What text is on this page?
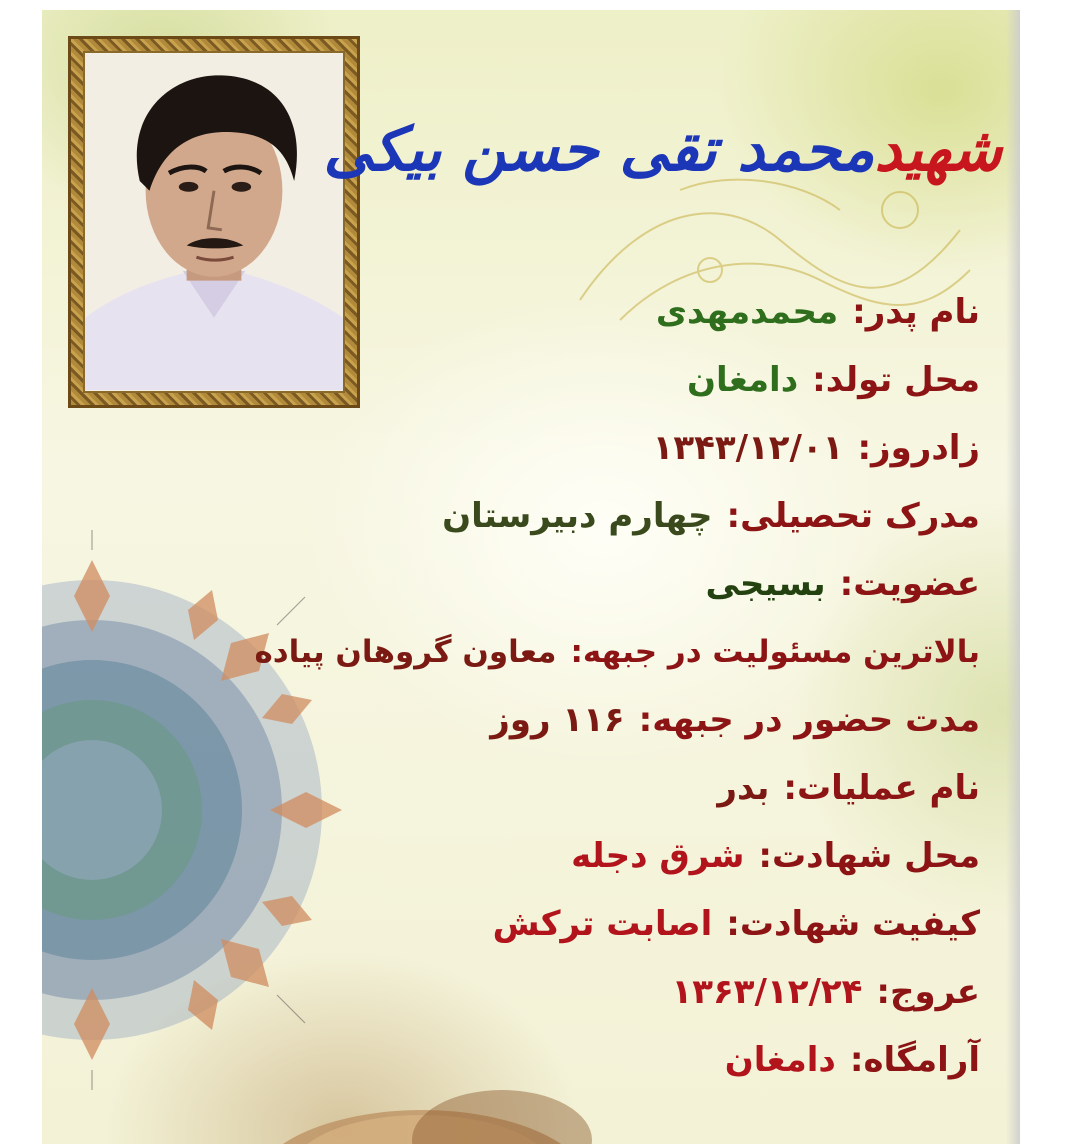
شهیدمحمد تقی حسن بیکی
نام پدر:محمدمهدی
محل تولد:دامغان
زادروز:۱۳۴۳/۱۲/۰۱
مدرک تحصیلی:چهارم دبیرستان
عضویت:بسیجی
بالاترین مسئولیت در جبهه:معاون گروهان پیاده
مدت حضور در جبهه:۱۱۶ روز
نام عملیات:بدر
محل شهادت:شرق دجله
کیفیت شهادت:اصابت ترکش
عروج:۱۳۶۳/۱۲/۲۴
آرامگاه:دامغان
